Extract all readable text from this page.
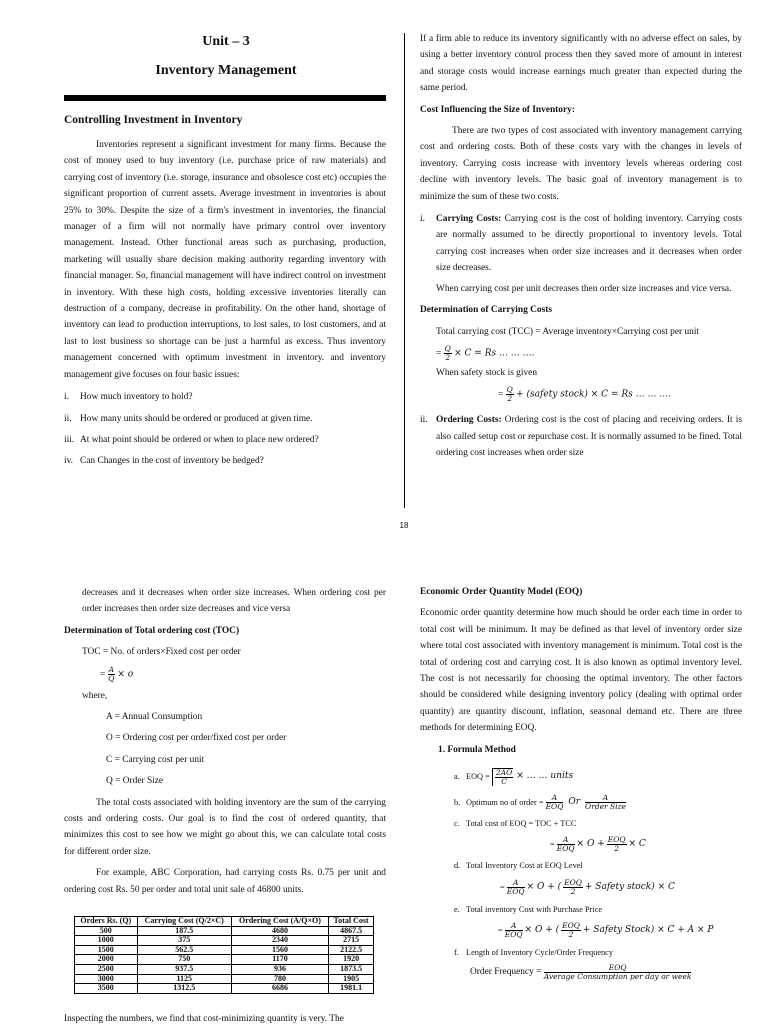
Unit – 3
Inventory Management
Controlling Investment in Inventory

Inventories represent a significant investment for many firms. Because the cost of money used to buy inventory (i.e. purchase price of raw materials) and carrying cost of inventory (i.e. storage, insurance and obsolesce cost etc) occupies the significant proportion of current assets. Average investment in inventories is about 25% to 30%. Despite the size of a firm's investment in inventories, the financial manager of a firm will not normally have primary control over inventory management. Instead. Other functional areas such as purchasing, production, marketing will usually share decision making authority regarding inventory with financial manager. So, financial management will have indirect control on investment in inventory. With these high costs, holding excessive inventories literally can destruction of a company, decrease in profitability. On the other hand, shortage of inventory can lead to production interruptions, to lost sales, to lost customers, and at last to lost business so shortage can be just a harmful as excess. Thus inventory management concerned with optimum investment in inventory. and inventory management give focuses on four basic issues:

i.	How much inventory to hold?
ii. How many units should be ordered or produced at given time.
iii. At what point should be ordered or when to place new ordered?
iv. Can Changes in the cost of inventory be hedged?

If a firm able to reduce its inventory significantly with no adverse effect on sales, by using a better inventory control process then they saved more of amount in interest and storage costs would increase earnings much greater than expected during the same period.

Cost Influencing the Size of Inventory:

There are two types of cost associated with inventory management carrying cost and ordering costs. Both of these costs vary with the changes in levels of inventory. Carrying costs increase with inventory levels whereas ordering cost decline with inventory levels. The basic goal of inventory management is to minimize the sum of these two costs.

i.	Carrying Costs: Carrying cost is the cost of holding inventory. Carrying costs are normally assumed to be directly proportional to inventory levels. Total carrying cost increases when order size increases and it decreases when order size decreases.

When carrying cost per unit decreases then order size increases and vice versa.

Determination of Carrying Costs

Total carrying cost (TCC) = Average inventory×Carrying cost per unit

= $\frac{Q}{2} \times C = Rs$ … … ….

When safety stock is given

= $\frac{Q}{2}$ + (safety stock) × C = Rs … … ….
ii. Ordering Costs: Ordering cost is the cost of placing and receiving orders. It is also called setup cost or repurchase cost. It is normally assumed to be fined. Total ordering cost increases when order size
18

decreases and it decreases when order size increases. When ordering cost per order increases then order size decreases and vice versa

Determination of Total ordering cost (TOC)

TOC = No. of orders×Fixed cost per order

= $\frac{A}{Q} \times o$

where,

A = Annual Consumption

O = Ordering cost per order/fixed cost per order

C = Carrying cost per unit

Q = Order Size

The total costs associated with holding inventory are the sum of the carrying costs and ordering costs. Our goal is to find the cost of ordered quantity, that minimizes this cost to see how we might go about this, we can calculate total costs for different order size.

For example, ABC Corporation, had carrying costs Rs. 0.75 per unit and ordering cost Rs. 50 per order and total unit sale of 46800 units.

Orders Rs. (Q)	Carrying Cost (Q/2×C)	Ordering Cost (A/Q×O)	Total Cost
500	187.5	4680	4867.5
1000	375	2340	2715
1500	562.5	1560	2122.5
2000	750	1170	1920
2500	937.5	936	1873.5
3000	1125	780	1905
3500	1312.5	6686	1981.1
Inspecting the numbers, we find that cost-minimizing quantity is very. The

Economic Order Quantity Model (EOQ)

Economic order quantity determine how much should be order each time in order to total cost will be minimum. It may be defined as that level of inventory order size where total cost associated with inventory management is minimum. Total cost is the total of ordering cost and carrying cost. It is also known as optimal inventory level. The cost is not necessarily for choosing the optimal inventory. The other factors should be considered while designing inventory policy (dealing with optimal order quantity) are quantity discount, inflation, seasonal demand etc. There are three methods for determining EOQ.

1. Formula Method

a. EOQ =
$\frac{2AO}{C}$ × … … units
b. Optimum no of order =
$\frac{A}{\text{EOQ}}$ Or $\frac{A}{\text{Order Size}}$
c. Total cost of EOQ = TOC + TCC
=
$\frac{A}{\text{EOQ}} \times O + \frac{\text{EOQ}}{2} \times C$
d. Total Inventory Cost at EOQ Level
=
$\frac{A}{\text{EOQ}} \times O$ + ( $\frac{\text{EOQ}}{2}$ + Safety stock) × C
e. Total inventory Cost with Purchase Price
=
$\frac{A}{\text{EOQ}} \times O$ + ( $\frac{\text{EOQ}}{2}$ + Safety Stock) × C + A × P
f. Length of Inventory Cycle/Order Frequency
Order Frequency =
$\frac{\text{EOQ}}{\text{Average Consumption per day or week}}$
